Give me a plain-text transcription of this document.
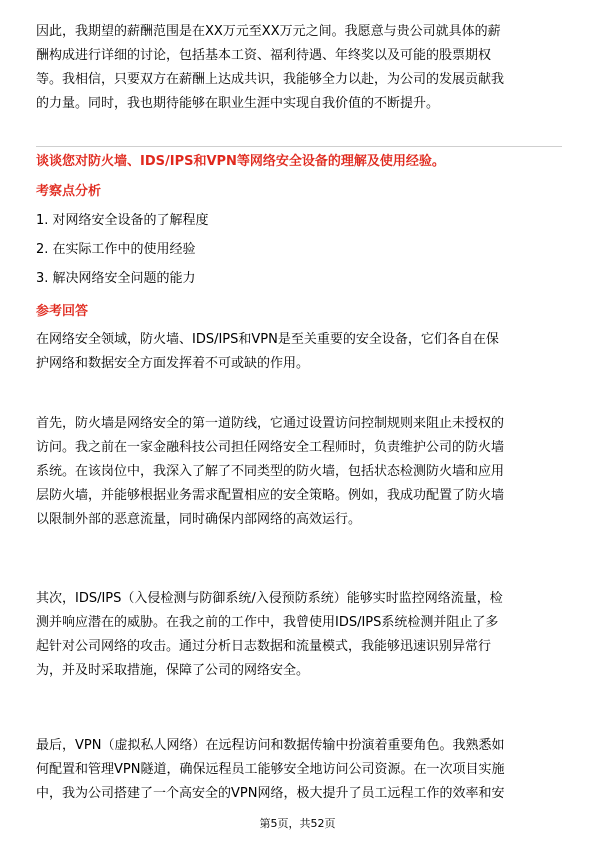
因此，我期望的薪酬范围是在XX万元至XX万元之间。我愿意与贵公司就具体的薪
酬构成进行详细的讨论，包括基本工资、福利待遇、年终奖以及可能的股票期权
等。我相信，只要双方在薪酬上达成共识，我能够全力以赴，为公司的发展贡献我
的力量。同时，我也期待能够在职业生涯中实现自我价值的不断提升。
谈谈您对防火墙、IDS/IPS和VPN等网络安全设备的理解及使用经验。
考察点分析
1. 对网络安全设备的了解程度
2. 在实际工作中的使用经验
3. 解决网络安全问题的能力
参考回答
在网络安全领域，防火墙、IDS/IPS和VPN是至关重要的安全设备，它们各自在保
护网络和数据安全方面发挥着不可或缺的作用。
首先，防火墙是网络安全的第一道防线，它通过设置访问控制规则来阻止未授权的
访问。我之前在一家金融科技公司担任网络安全工程师时，负责维护公司的防火墙
系统。在该岗位中，我深入了解了不同类型的防火墙，包括状态检测防火墙和应用
层防火墙，并能够根据业务需求配置相应的安全策略。例如，我成功配置了防火墙
以限制外部的恶意流量，同时确保内部网络的高效运行。
其次，IDS/IPS（入侵检测与防御系统/入侵预防系统）能够实时监控网络流量，检
测并响应潜在的威胁。在我之前的工作中，我曾使用IDS/IPS系统检测并阻止了多
起针对公司网络的攻击。通过分析日志数据和流量模式，我能够迅速识别异常行
为，并及时采取措施，保障了公司的网络安全。
最后，VPN（虚拟私人网络）在远程访问和数据传输中扮演着重要角色。我熟悉如
何配置和管理VPN隧道，确保远程员工能够安全地访问公司资源。在一次项目实施
中，我为公司搭建了一个高安全的VPN网络，极大提升了员工远程工作的效率和安
第5页，共52页
